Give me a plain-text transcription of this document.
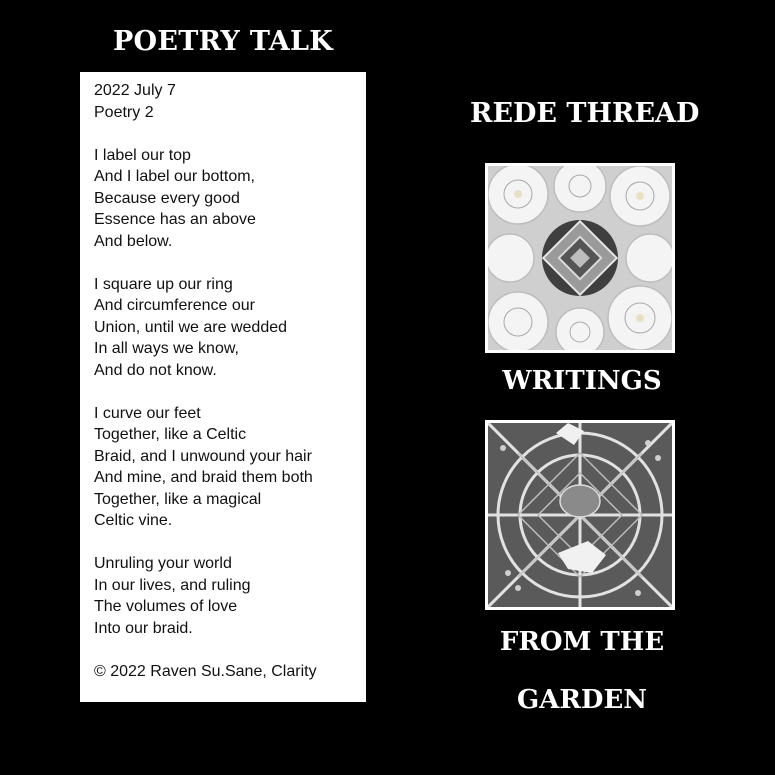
POETRY TALK
2022 July 7
Poetry 2
I label our top
And I label our bottom,
Because every good
Essence has an above
And below.
I square up our ring
And circumference our
Union, until we are wedded
In all ways we know,
And do not know.
I curve our feet
Together, like a Celtic
Braid, and I unwound your hair
And mine, and braid them both
Together, like a magical
Celtic vine.
Unruling your world
In our lives, and ruling
The volumes of love
Into our braid.
© 2022 Raven Su.Sane, Clarity
REDE THREAD
WRITINGS
FROM THE
GARDEN
